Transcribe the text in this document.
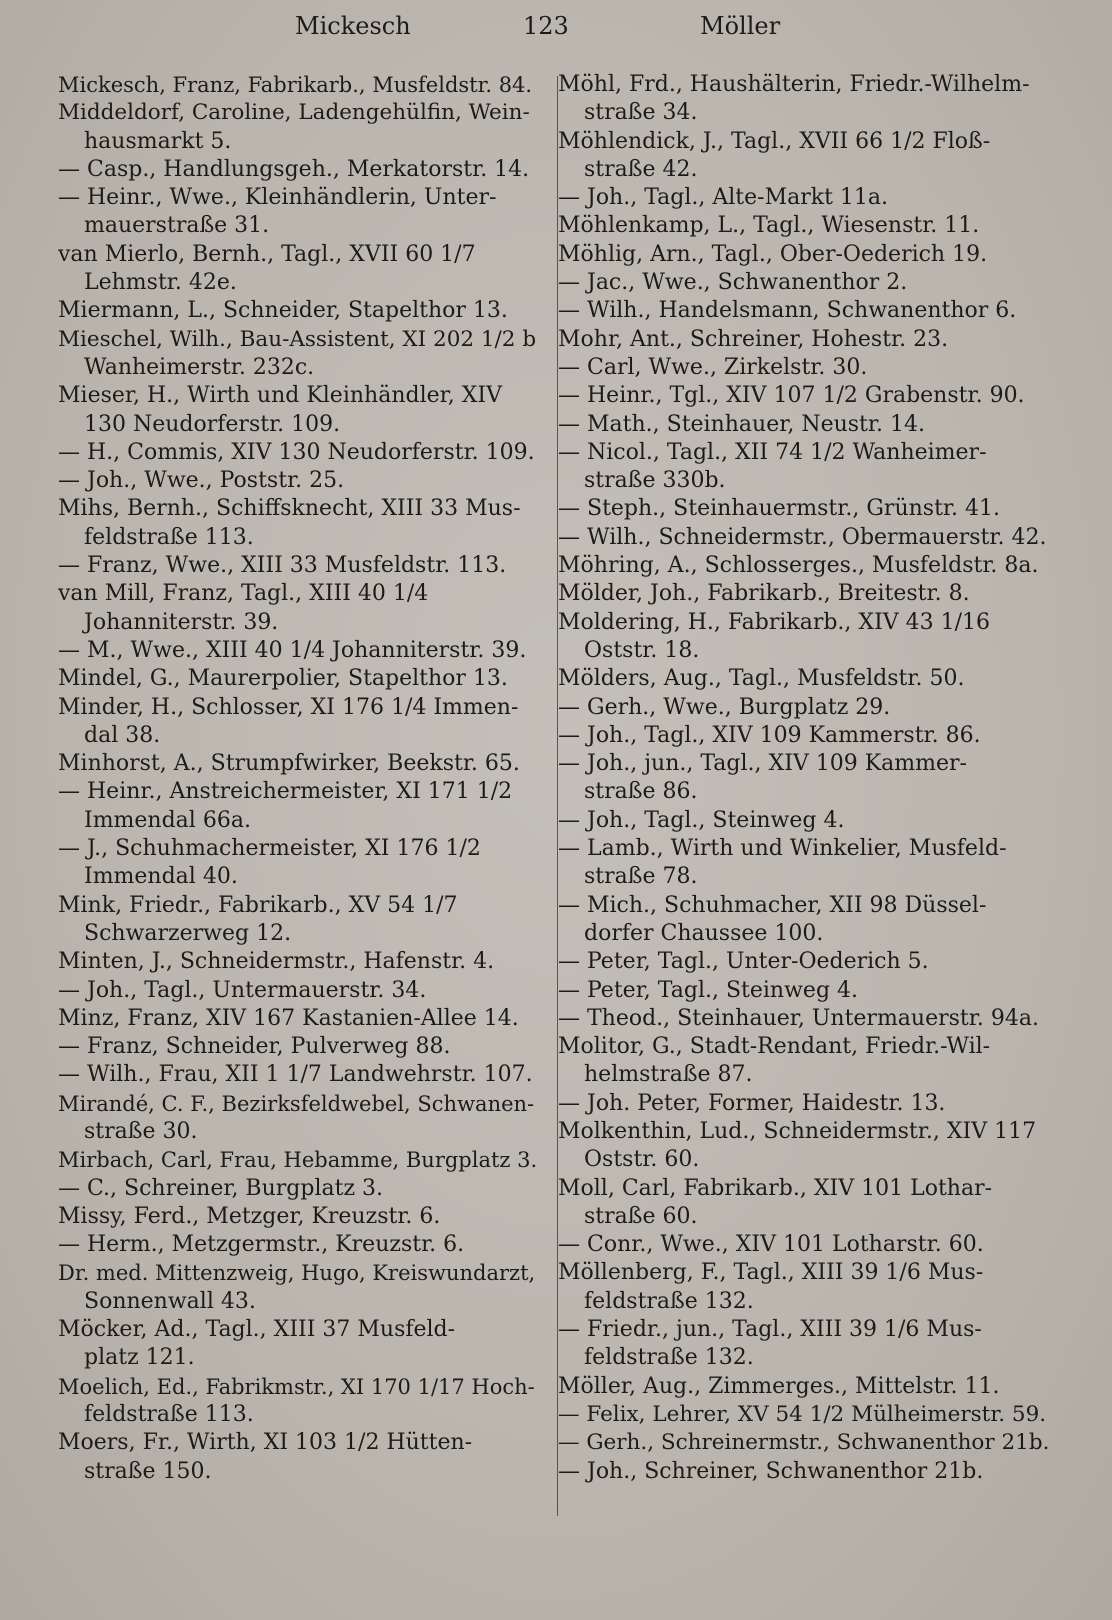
Mickesch	123	Möller
Mickesch, Franz, Fabrikarb., Musfeldstr. 84.
Middeldorf, Caroline, Ladengehülfin, Wein-
hausmarkt 5.
— Casp., Handlungsgeh., Merkatorstr. 14.
— Heinr., Wwe., Kleinhändlerin, Unter-
mauerstraße 31.
van Mierlo, Bernh., Tagl., XVII 60 1/7
Lehmstr. 42e.
Miermann, L., Schneider, Stapelthor 13.
Mieschel, Wilh., Bau-Assistent, XI 202 1/2 b
Wanheimerstr. 232c.
Mieser, H., Wirth und Kleinhändler, XIV
130 Neudorferstr. 109.
— H., Commis, XIV 130 Neudorferstr. 109.
— Joh., Wwe., Poststr. 25.
Mihs, Bernh., Schiffsknecht, XIII 33 Mus-
feldstraße 113.
— Franz, Wwe., XIII 33 Musfeldstr. 113.
van Mill, Franz, Tagl., XIII 40 1/4
Johanniterstr. 39.
— M., Wwe., XIII 40 1/4 Johanniterstr. 39.
Mindel, G., Maurerpolier, Stapelthor 13.
Minder, H., Schlosser, XI 176 1/4 Immen-
dal 38.
Minhorst, A., Strumpfwirker, Beekstr. 65.
— Heinr., Anstreichermeister, XI 171 1/2
Immendal 66a.
— J., Schuhmachermeister, XI 176 1/2
Immendal 40.
Mink, Friedr., Fabrikarb., XV 54 1/7
Schwarzerweg 12.
Minten, J., Schneidermstr., Hafenstr. 4.
— Joh., Tagl., Untermauerstr. 34.
Minz, Franz, XIV 167 Kastanien-Allee 14.
— Franz, Schneider, Pulverweg 88.
— Wilh., Frau, XII 1 1/7 Landwehrstr. 107.
Mirandé, C. F., Bezirksfeldwebel, Schwanen-
straße 30.
Mirbach, Carl, Frau, Hebamme, Burgplatz 3.
— C., Schreiner, Burgplatz 3.
Missy, Ferd., Metzger, Kreuzstr. 6.
— Herm., Metzgermstr., Kreuzstr. 6.
Dr. med. Mittenzweig, Hugo, Kreiswundarzt,
Sonnenwall 43.
Möcker, Ad., Tagl., XIII 37 Musfeld-
platz 121.
Moelich, Ed., Fabrikmstr., XI 170 1/17 Hoch-
feldstraße 113.
Moers, Fr., Wirth, XI 103 1/2 Hütten-
straße 150.
Möhl, Frd., Haushälterin, Friedr.-Wilhelm-
straße 34.
Möhlendick, J., Tagl., XVII 66 1/2 Floß-
straße 42.
— Joh., Tagl., Alte-Markt 11a.
Möhlenkamp, L., Tagl., Wiesenstr. 11.
Möhlig, Arn., Tagl., Ober-Oederich 19.
— Jac., Wwe., Schwanenthor 2.
— Wilh., Handelsmann, Schwanenthor 6.
Mohr, Ant., Schreiner, Hohestr. 23.
— Carl, Wwe., Zirkelstr. 30.
— Heinr., Tgl., XIV 107 1/2 Grabenstr. 90.
— Math., Steinhauer, Neustr. 14.
— Nicol., Tagl., XII 74 1/2 Wanheimer-
straße 330b.
— Steph., Steinhauermstr., Grünstr. 41.
— Wilh., Schneidermstr., Obermauerstr. 42.
Möhring, A., Schlosserges., Musfeldstr. 8a.
Mölder, Joh., Fabrikarb., Breitestr. 8.
Moldering, H., Fabrikarb., XIV 43 1/16
Oststr. 18.
Mölders, Aug., Tagl., Musfeldstr. 50.
— Gerh., Wwe., Burgplatz 29.
— Joh., Tagl., XIV 109 Kammerstr. 86.
— Joh., jun., Tagl., XIV 109 Kammer-
straße 86.
— Joh., Tagl., Steinweg 4.
— Lamb., Wirth und Winkelier, Musfeld-
straße 78.
— Mich., Schuhmacher, XII 98 Düssel-
dorfer Chaussee 100.
— Peter, Tagl., Unter-Oederich 5.
— Peter, Tagl., Steinweg 4.
— Theod., Steinhauer, Untermauerstr. 94a.
Molitor, G., Stadt-Rendant, Friedr.-Wil-
helmstraße 87.
— Joh. Peter, Former, Haidestr. 13.
Molkenthin, Lud., Schneidermstr., XIV 117
Oststr. 60.
Moll, Carl, Fabrikarb., XIV 101 Lothar-
straße 60.
— Conr., Wwe., XIV 101 Lotharstr. 60.
Möllenberg, F., Tagl., XIII 39 1/6 Mus-
feldstraße 132.
— Friedr., jun., Tagl., XIII 39 1/6 Mus-
feldstraße 132.
Möller, Aug., Zimmerges., Mittelstr. 11.
— Felix, Lehrer, XV 54 1/2 Mülheimerstr. 59.
— Gerh., Schreinermstr., Schwanenthor 21b.
— Joh., Schreiner, Schwanenthor 21b.
